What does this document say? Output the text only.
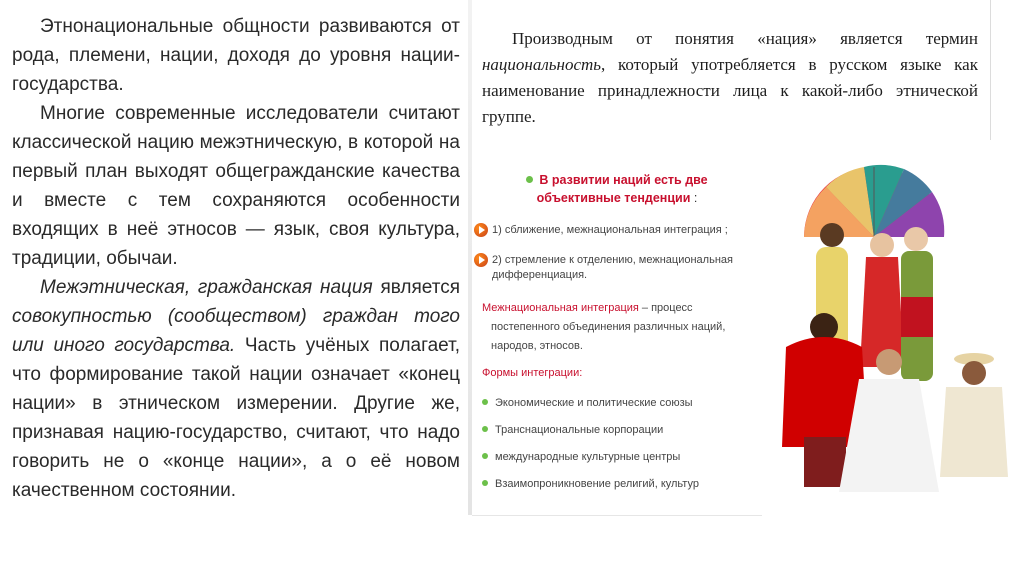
Этнонациональные общности развиваются от рода, племени, нации, доходя до уровня нации-государства.

Многие современные исследователи считают классической нацию межэтническую, в которой на первый план выходят общегражданские качества и вместе с тем сохраняются особенности входящих в неё этносов — язык, своя культура, традиции, обычаи.

Межэтническая, гражданская нация является совокупностью (сообществом) граждан того или иного государства. Часть учёных полагает, что формирование такой нации означает «конец нации» в этническом измерении. Другие же, признавая нацию-государство, считают, что надо говорить не о «конце нации», а о её новом качественном состоянии.

Производным от понятия «нация» является термин национальность, который употребляется в русском языке как наименование принадлежности лица к какой-либо этнической группе.
В развитии наций есть две
объективные тенденции :
1) сближение, межнациональная интеграция ;
2) стремление к отделению, межнациональная дифференциация.
Межнациональная интеграция – процесс
постепенного объединения различных наций, народов, этносов.
Формы интеграции:
Экономические и политические союзы
Транснациональные корпорации
международные культурные центры
Взаимопроникновение религий, культур
